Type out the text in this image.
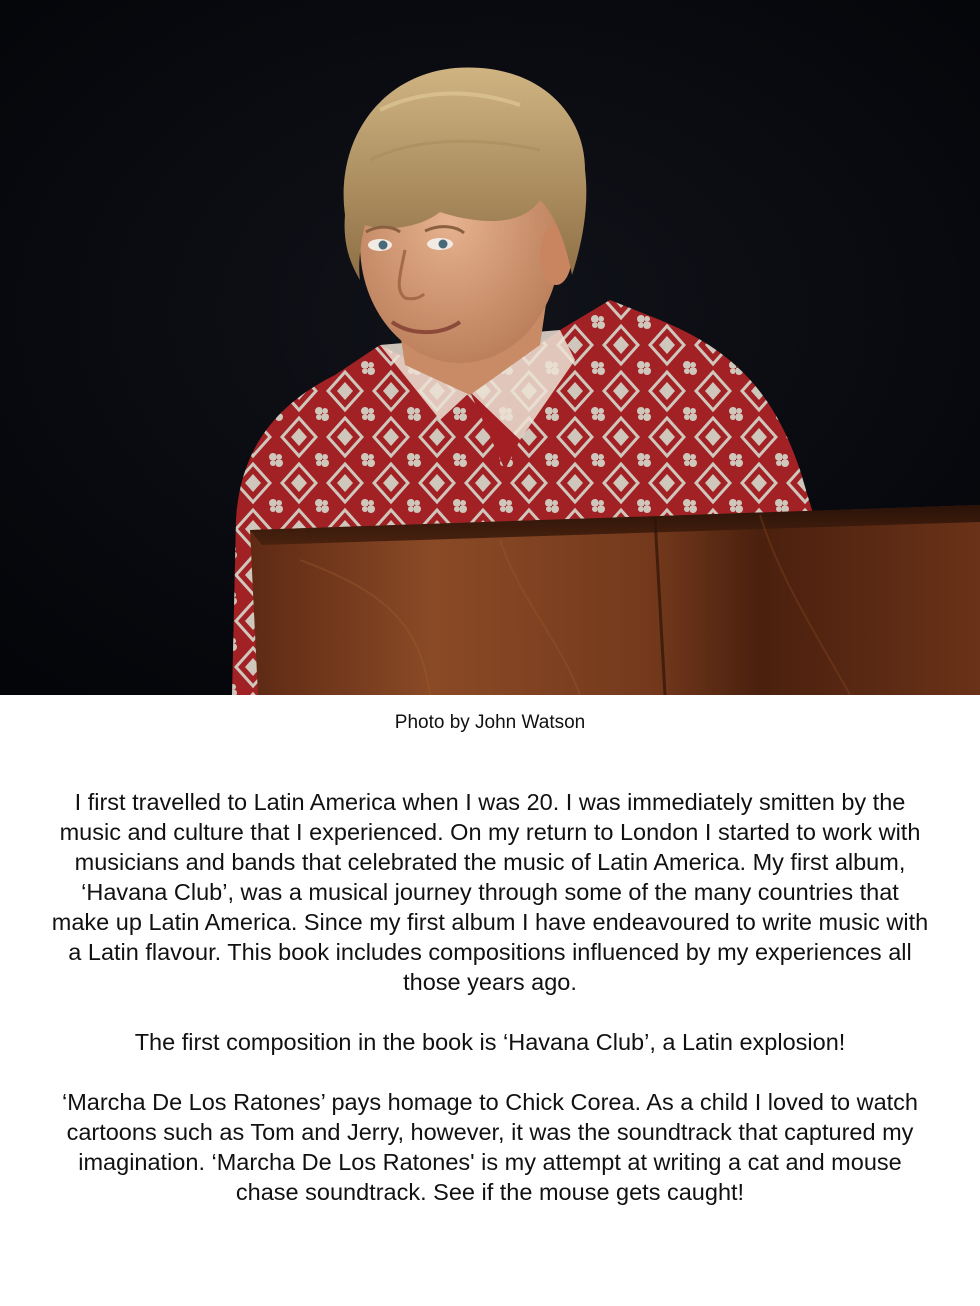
Photo by John Watson

I first travelled to Latin America when I was 20. I was immediately smitten by the music and culture that I experienced. On my return to London I started to work with musicians and bands that celebrated the music of Latin America. My first album, ‘Havana Club’, was a musical journey through some of the many countries that make up Latin America. Since my first album I have endeavoured to write music with a Latin flavour. This book includes compositions influenced by my experiences all those years ago.

The first composition in the book is ‘Havana Club’, a Latin explosion!

‘Marcha De Los Ratones’ pays homage to Chick Corea. As a child I loved to watch cartoons such as Tom and Jerry, however, it was the soundtrack that captured my imagination. ‘Marcha De Los Ratones' is my attempt at writing a cat and mouse chase soundtrack. See if the mouse gets caught!
